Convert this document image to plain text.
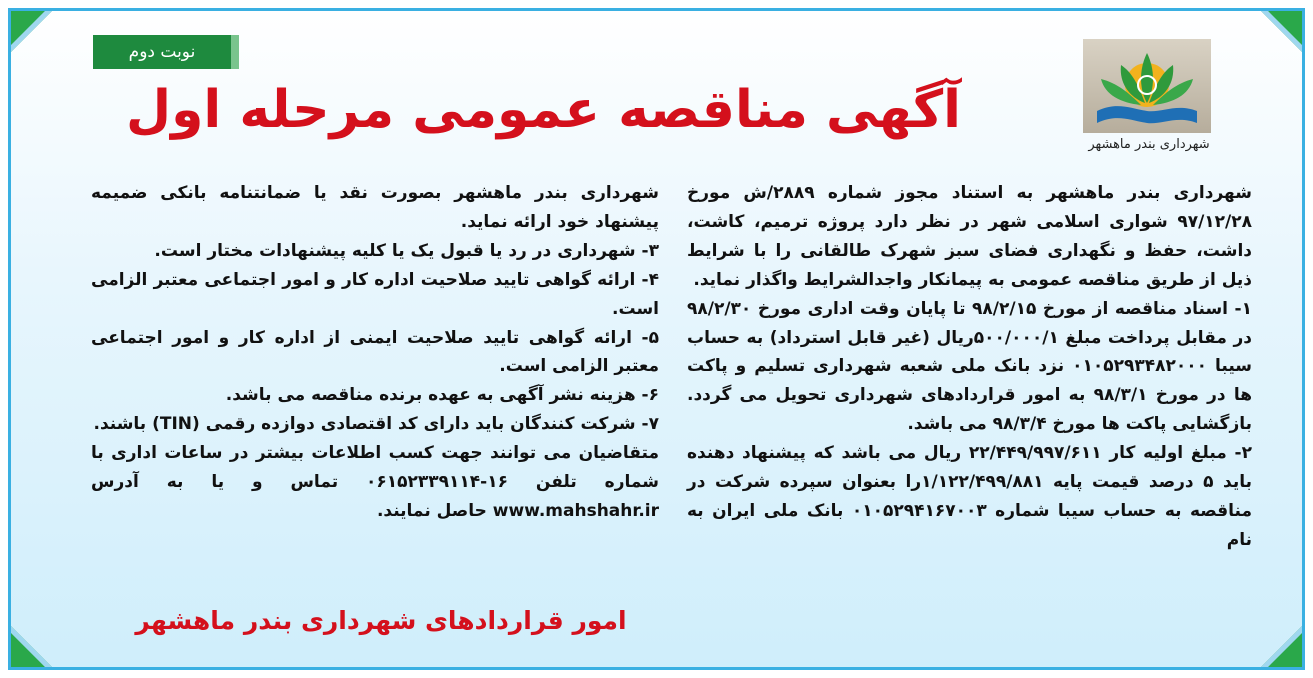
نوبت دوم
آگهی مناقصه عمومی مرحله اول
شهرداری بندر ماهشهر

شهرداری بندر ماهشهر به استناد مجوز شماره ۲۸۸۹/ش مورخ ۹۷/۱۲/۲۸ شوارى اسلامى شهر در نظر دارد پروژه ترمیم، کاشت، داشت، حفظ و نگهداری فضای سبز شهرک طالقانی را با شرایط ذیل از طریق مناقصه عمومی به پیمانکار واجدالشرایط واگذار نماید.

۱- اسناد مناقصه از مورخ ۹۸/۲/۱۵ تا پایان وقت اداری مورخ ۹۸/۲/۳۰ در مقابل پرداخت مبلغ ۵۰۰/۰۰۰/۱ریال (غیر قابل استرداد) به حساب سیبا ۰۱۰۵۲۹۳۴۸۲۰۰۰ نزد بانک ملی شعبه شهرداری تسلیم و پاکت ها در مورخ ۹۸/۳/۱ به امور قراردادهای شهرداری تحویل می گردد. بازگشایی پاکت ها مورخ ۹۸/۳/۴ می باشد.

۲- مبلغ اولیه کار ۲۲/۴۴۹/۹۹۷/۶۱۱ ریال می باشد که پیشنهاد دهنده باید ۵ درصد قیمت پایه ۱/۱۲۲/۴۹۹/۸۸۱را بعنوان سپرده شرکت در مناقصه به حساب سیبا شماره ۰۱۰۵۲۹۴۱۶۷۰۰۳ بانک ملی ایران به نام

شهرداری بندر ماهشهر بصورت نقد یا ضمانتنامه بانکی ضمیمه پیشنهاد خود ارائه نماید.

۳- شهرداری در رد یا قبول یک یا کلیه پیشنهادات مختار است.

۴- ارائه گواهی تایید صلاحیت اداره کار و امور اجتماعی معتبر الزامی است.

۵- ارائه گواهی تایید صلاحیت ایمنی از اداره کار و امور اجتماعی معتبر الزامی است.

۶- هزینه نشر آگهی به عهده برنده مناقصه می باشد.

۷- شرکت کنندگان باید دارای کد اقتصادی دوازده رقمی (TIN) باشند.

متقاضیان می توانند جهت کسب اطلاعات بیشتر در ساعات اداری با شماره تلفن ۱۶-۰۶۱۵۲۳۳۹۱۱۴ تماس و یا به آدرس www.mahshahr.ir حاصل نمایند.

امور قراردادهای شهرداری بندر ماهشهر
